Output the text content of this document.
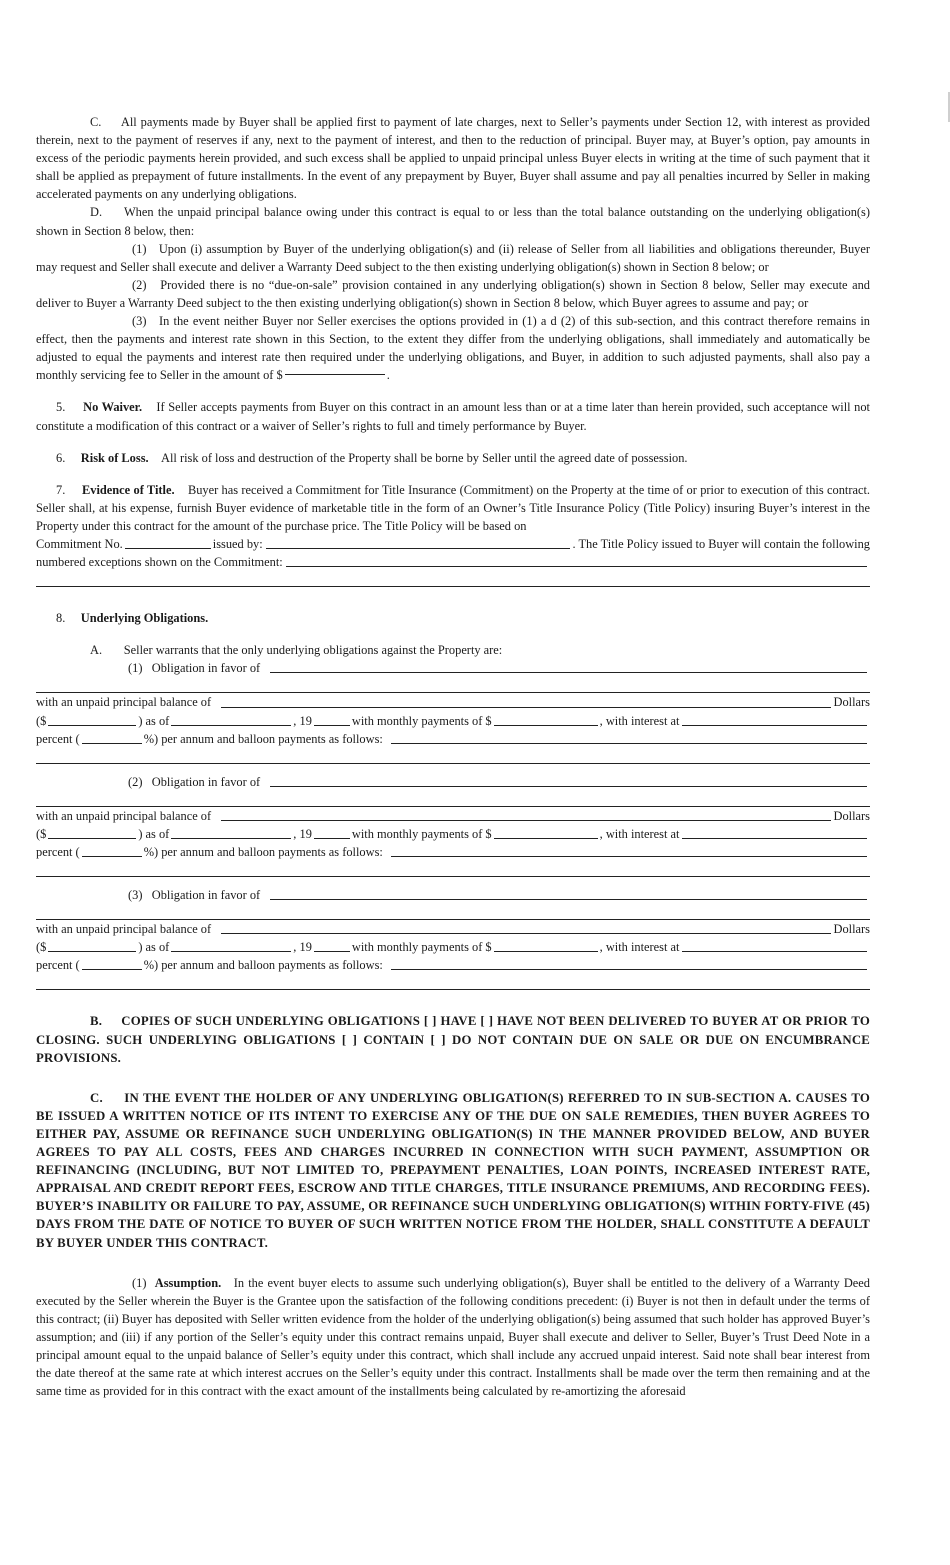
C. All payments made by Buyer shall be applied first to payment of late charges, next to Seller’s payments under Section 12, with interest as provided therein, next to the payment of reserves if any, next to the payment of interest, and then to the reduction of principal. Buyer may, at Buyer’s option, pay amounts in excess of the periodic payments herein provided, and such excess shall be applied to unpaid principal unless Buyer elects in writing at the time of such payment that it shall be applied as prepayment of future installments. In the event of any prepayment by Buyer, Buyer shall assume and pay all penalties incurred by Seller in making accelerated payments on any underlying obligations.

D. When the unpaid principal balance owing under this contract is equal to or less than the total balance outstanding on the underlying obligation(s) shown in Section 8 below, then:

(1) Upon (i) assumption by Buyer of the underlying obligation(s) and (ii) release of Seller from all liabilities and obligations thereunder, Buyer may request and Seller shall execute and deliver a Warranty Deed subject to the then existing underlying obligation(s) shown in Section 8 below; or

(2) Provided there is no “due-on-sale” provision contained in any underlying obligation(s) shown in Section 8 below, Seller may execute and deliver to Buyer a Warranty Deed subject to the then existing underlying obligation(s) shown in Section 8 below, which Buyer agrees to assume and pay; or

(3) In the event neither Buyer nor Seller exercises the options provided in (1) a d (2) of this sub-section, and this contract therefore remains in effect, then the payments and interest rate shown in this Section, to the extent they differ from the underlying obligations, shall immediately and automatically be adjusted to equal the payments and interest rate then required under the underlying obligations, and Buyer, in addition to such adjusted payments, shall also pay a monthly servicing fee to Seller in the amount of $	.

5. No Waiver. If Seller accepts payments from Buyer on this contract in an amount less than or at a time later than herein provided, such acceptance will not constitute a modification of this contract or a waiver of Seller’s rights to full and timely performance by Buyer.

6. Risk of Loss. All risk of loss and destruction of the Property shall be borne by Seller until the agreed date of possession.

7. Evidence of Title. Buyer has received a Commitment for Title Insurance (Commitment) on the Property at the time of or prior to execution of this contract. Seller shall, at his expense, furnish Buyer evidence of marketable title in the form of an Owner’s Title Insurance Policy (Title Policy) insuring Buyer’s interest in the Property under this contract for the amount of the purchase price. The Title Policy will be based on

Commitment No.	issued by:	. The Title Policy issued to Buyer will contain the following
numbered exceptions shown on the Commitment:

8. Underlying Obligations.

A. Seller warrants that the only underlying obligations against the Property are:

(1)
Obligation in favor of
with an unpaid principal balance of	Dollars
($	) as of	, 19	with monthly payments of $	, with interest at
percent (	%) per annum and balloon payments as follows:
(2)
Obligation in favor of
with an unpaid principal balance of	Dollars
($	) as of	, 19	with monthly payments of $	, with interest at
percent (	%) per annum and balloon payments as follows:
(3)
Obligation in favor of
with an unpaid principal balance of	Dollars
($	) as of	, 19	with monthly payments of $	, with interest at
percent (	%) per annum and balloon payments as follows:

B. COPIES OF SUCH UNDERLYING OBLIGATIONS [ ] HAVE [ ] HAVE NOT BEEN DELIVERED TO BUYER AT OR PRIOR TO CLOSING. SUCH UNDERLYING OBLIGATIONS [ ] CONTAIN [ ] DO NOT CONTAIN DUE ON SALE OR DUE ON ENCUMBRANCE PROVISIONS.

C. IN THE EVENT THE HOLDER OF ANY UNDERLYING OBLIGATION(S) REFERRED TO IN SUB-SECTION A. CAUSES TO BE ISSUED A WRITTEN NOTICE OF ITS INTENT TO EXERCISE ANY OF THE DUE ON SALE REMEDIES, THEN BUYER AGREES TO EITHER PAY, ASSUME OR REFINANCE SUCH UNDERLYING OBLIGATION(S) IN THE MANNER PROVIDED BELOW, AND BUYER AGREES TO PAY ALL COSTS, FEES AND CHARGES INCURRED IN CONNECTION WITH SUCH PAYMENT, ASSUMPTION OR REFINANCING (INCLUDING, BUT NOT LIMITED TO, PREPAYMENT PENALTIES, LOAN POINTS, INCREASED INTEREST RATE, APPRAISAL AND CREDIT REPORT FEES, ESCROW AND TITLE CHARGES, TITLE INSURANCE PREMIUMS, AND RECORDING FEES). BUYER’S INABILITY OR FAILURE TO PAY, ASSUME, OR REFINANCE SUCH UNDERLYING OBLIGATION(S) WITHIN FORTY-FIVE (45) DAYS FROM THE DATE OF NOTICE TO BUYER OF SUCH WRITTEN NOTICE FROM THE HOLDER, SHALL CONSTITUTE A DEFAULT BY BUYER UNDER THIS CONTRACT.

(1) Assumption. In the event buyer elects to assume such underlying obligation(s), Buyer shall be entitled to the delivery of a Warranty Deed executed by the Seller wherein the Buyer is the Grantee upon the satisfaction of the following conditions precedent: (i) Buyer is not then in default under the terms of this contract; (ii) Buyer has deposited with Seller written evidence from the holder of the underlying obligation(s) being assumed that such holder has approved Buyer’s assumption; and (iii) if any portion of the Seller’s equity under this contract remains unpaid, Buyer shall execute and deliver to Seller, Buyer’s Trust Deed Note in a principal amount equal to the unpaid balance of Seller’s equity under this contract, which shall include any accrued unpaid interest. Said note shall bear interest from the date thereof at the same rate at which interest accrues on the Seller’s equity under this contract. Installments shall be made over the term then remaining and at the same time as provided for in this contract with the exact amount of the installments being calculated by re-amortizing the aforesaid
